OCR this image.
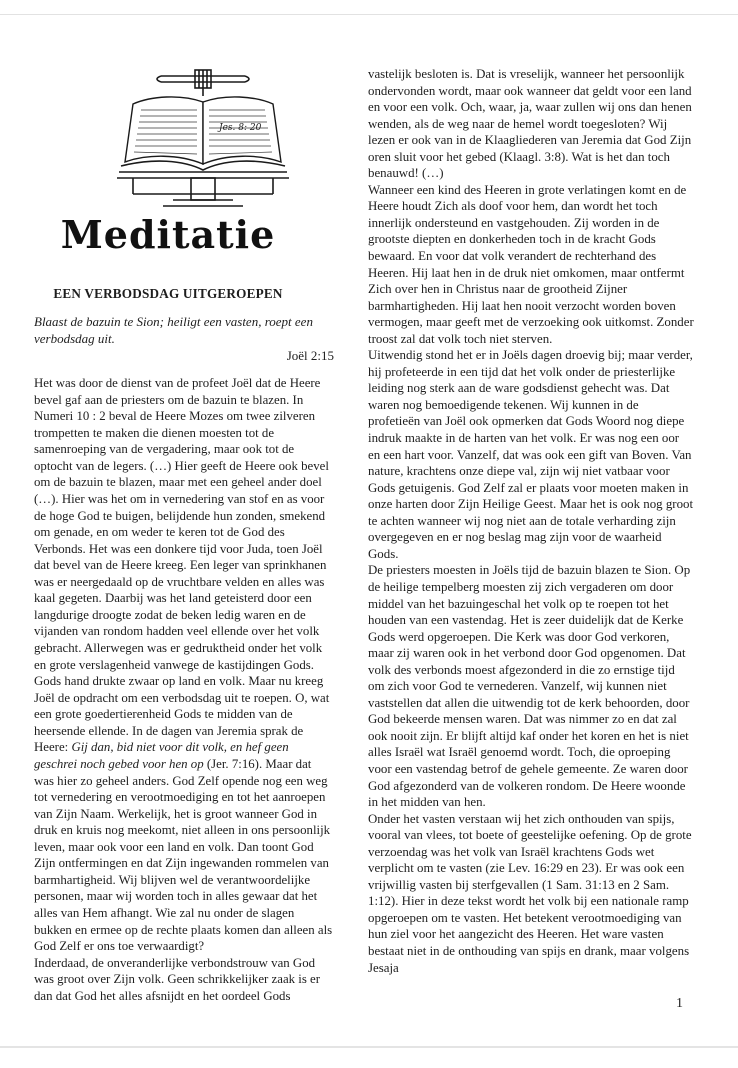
Jes. 8: 20
Meditatie
EEN VERBODSDAG UITGEROEPEN
Blaast de bazuin te Sion; heiligt een vasten, roept een verbodsdag uit.
Joël 2:15

Het was door de dienst van de profeet Joël dat de Heere bevel gaf aan de priesters om de bazuin te blazen. In Numeri 10 : 2 beval de Heere Mozes om twee zilveren trompetten te maken die dienen moesten tot de samenroeping van de vergadering, maar ook tot de optocht van de legers. (…) Hier geeft de Heere ook bevel om de bazuin te blazen, maar met een geheel ander doel (…). Hier was het om in vernedering van stof en as voor de hoge God te buigen, belijdende hun zonden, smekend om genade, en om weder te keren tot de God des Verbonds. Het was een donkere tijd voor Juda, toen Joël dat bevel van de Heere kreeg. Een leger van sprinkhanen was er neergedaald op de vruchtbare velden en alles was kaal gegeten. Daarbij was het land geteisterd door een langdurige droogte zodat de beken ledig waren en de vijanden van rondom hadden veel ellende over het volk gebracht. Allerwegen was er gedruktheid onder het volk en grote verslagenheid vanwege de kastijdingen Gods. Gods hand drukte zwaar op land en volk. Maar nu kreeg Joël de opdracht om een verbodsdag uit te roepen. O, wat een grote goedertierenheid Gods te midden van de heersende ellende. In de dagen van Jeremia sprak de Heere: Gij dan, bid niet voor dit volk, en hef geen geschrei noch gebed voor hen op (Jer. 7:16). Maar dat was hier zo geheel anders. God Zelf opende nog een weg tot vernedering en verootmoediging en tot het aanroepen van Zijn Naam. Werkelijk, het is groot wanneer God in druk en kruis nog meekomt, niet alleen in ons persoonlijk leven, maar ook voor een land en volk. Dan toont God Zijn ontfermingen en dat Zijn ingewanden rommelen van barmhartigheid. Wij blijven wel de verantwoordelijke personen, maar wij worden toch in alles gewaar dat het alles van Hem afhangt. Wie zal nu onder de slagen bukken en ermee op de rechte plaats komen dan alleen als God Zelf er ons toe verwaardigt?

Inderdaad, de onveranderlijke verbondstrouw van God was groot over Zijn volk. Geen schrikkelijker zaak is er dan dat God het alles afsnijdt en het oordeel Gods

vastelijk besloten is. Dat is vreselijk, wanneer het persoonlijk ondervonden wordt, maar ook wanneer dat geldt voor een land en voor een volk. Och, waar, ja, waar zullen wij ons dan henen wenden, als de weg naar de hemel wordt toegesloten? Wij lezen er ook van in de Klaagliederen van Jeremia dat God Zijn oren sluit voor het gebed (Klaagl. 3:8). Wat is het dan toch benauwd! (…)

Wanneer een kind des Heeren in grote verlatingen komt en de Heere houdt Zich als doof voor hem, dan wordt het toch innerlijk ondersteund en vastgehouden. Zij worden in de grootste diepten en donkerheden toch in de kracht Gods bewaard. En voor dat volk verandert de rechterhand des Heeren. Hij laat hen in de druk niet omkomen, maar ontfermt Zich over hen in Christus naar de grootheid Zijner barmhartigheden. Hij laat hen nooit verzocht worden boven vermogen, maar geeft met de verzoeking ook uitkomst. Zonder troost zal dat volk toch niet sterven.

Uitwendig stond het er in Joëls dagen droevig bij; maar verder, hij profeteerde in een tijd dat het volk onder de priesterlijke leiding nog sterk aan de ware godsdienst gehecht was. Dat waren nog bemoedigende tekenen. Wij kunnen in de profetieën van Joël ook opmerken dat Gods Woord nog diepe indruk maakte in de harten van het volk. Er was nog een oor en een hart voor. Vanzelf, dat was ook een gift van Boven. Van nature, krachtens onze diepe val, zijn wij niet vatbaar voor Gods getuigenis. God Zelf zal er plaats voor moeten maken in onze harten door Zijn Heilige Geest. Maar het is ook nog groot te achten wanneer wij nog niet aan de totale verharding zijn overgegeven en er nog beslag mag zijn voor de waarheid Gods.

De priesters moesten in Joëls tijd de bazuin blazen te Sion. Op de heilige tempelberg moesten zij zich vergaderen om door middel van het bazuingeschal het volk op te roepen tot het houden van een vastendag. Het is zeer duidelijk dat de Kerke Gods werd opgeroepen. Die Kerk was door God verkoren, maar zij waren ook in het verbond door God opgenomen. Dat volk des verbonds moest afgezonderd in die zo ernstige tijd om zich voor God te vernederen. Vanzelf, wij kunnen niet vaststellen dat allen die uitwendig tot de kerk behoorden, door God bekeerde mensen waren. Dat was nimmer zo en dat zal ook nooit zijn. Er blijft altijd kaf onder het koren en het is niet alles Israël wat Israël genoemd wordt. Toch, die oproeping voor een vastendag betrof de gehele gemeente. Ze waren door God afgezonderd van de volkeren rondom. De Heere woonde in het midden van hen.

Onder het vasten verstaan wij het zich onthouden van spijs, vooral van vlees, tot boete of geestelijke oefening. Op de grote verzoendag was het volk van Israël krachtens Gods wet verplicht om te vasten (zie Lev. 16:29 en 23). Er was ook een vrijwillig vasten bij sterfgevallen (1 Sam. 31:13 en 2 Sam. 1:12). Hier in deze tekst wordt het volk bij een nationale ramp opgeroepen om te vasten. Het betekent verootmoediging van hun ziel voor het aangezicht des Heeren. Het ware vasten bestaat niet in de onthouding van spijs en drank, maar volgens Jesaja

1
